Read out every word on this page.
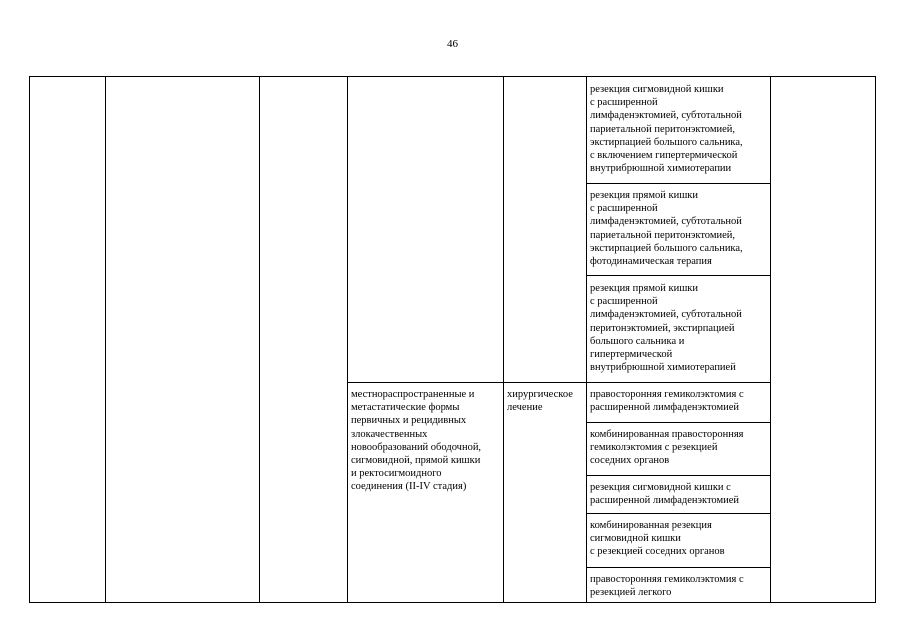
46
резекция сигмовидной кишки
с расширенной
лимфаденэктомией, субтотальной
париетальной перитонэктомией,
экстирпацией большого сальника,
с включением гипертермической
внутрибрюшной химиотерапии
резекция прямой кишки
с расширенной
лимфаденэктомией, субтотальной
париетальной перитонэктомией,
экстирпацией большого сальника,
фотодинамическая терапия
резекция прямой кишки
с расширенной
лимфаденэктомией, субтотальной
перитонэктомией, экстирпацией
большого сальника и
гипертермической
внутрибрюшной химиотерапией
местнораспространенные и
метастатические формы
первичных и рецидивных
злокачественных
новообразований ободочной,
сигмовидной, прямой кишки
и ректосигмоидного
соединения (II-IV стадия)
хирургическое
лечение
правосторонняя гемиколэктомия с
расширенной лимфаденэктомией
комбинированная правосторонняя
гемиколэктомия с резекцией
соседних органов
резекция сигмовидной кишки с
расширенной лимфаденэктомией
комбинированная резекция
сигмовидной кишки
с резекцией соседних органов
правосторонняя гемиколэктомия с
резекцией легкого
